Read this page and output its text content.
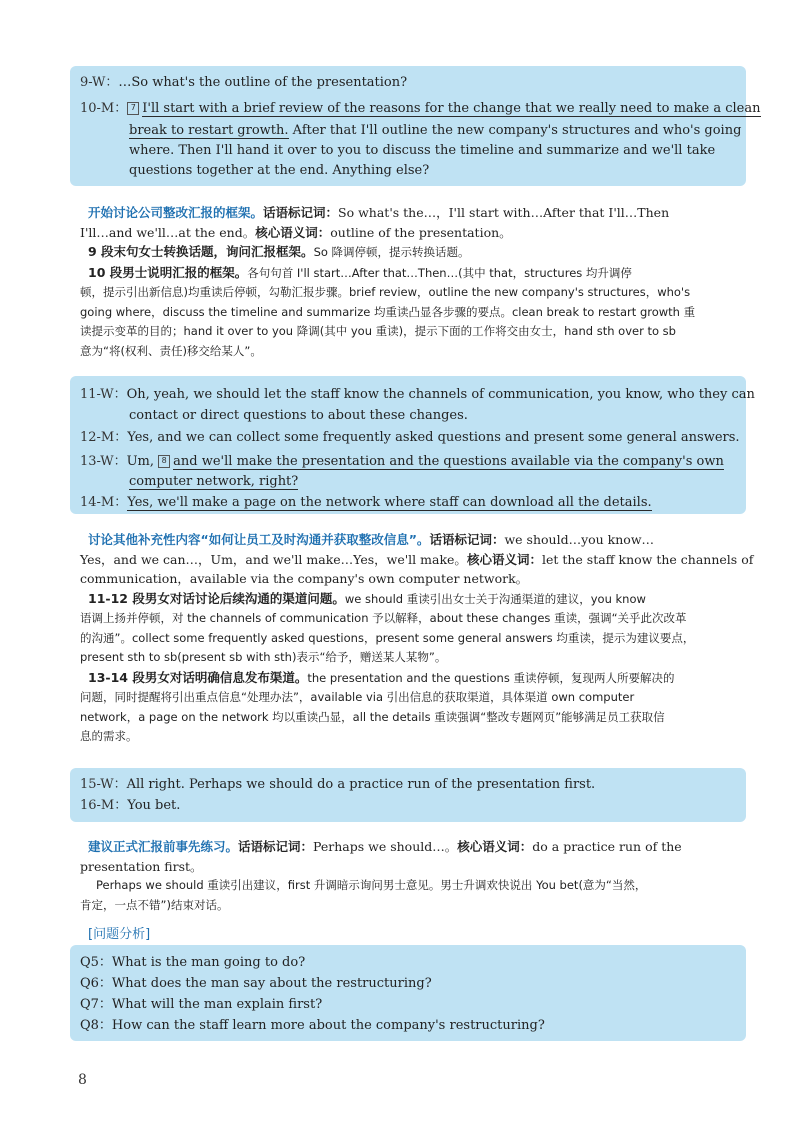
9-W：…So what's the outline of the presentation?
10-M： 7 I'll start with a brief review of the reasons for the change that we really need to make a clean
break to restart growth. After that I'll outline the new company's structures and who's going
where. Then I'll hand it over to you to discuss the timeline and summarize and we'll take
questions together at the end. Anything else?
开始讨论公司整改汇报的框架。话语标记词：So what's the…，I'll start with…After that I'll…Then
I'll…and we'll…at the end。核心语义词：outline of the presentation。
9 段末句女士转换话题，询问汇报框架。So 降调停顿，提示转换话题。
10 段男士说明汇报的框架。各句句首 I'll start…After that…Then…(其中 that，structures 均升调停
顿，提示引出新信息)均重读后停顿，勾勒汇报步骤。brief review，outline the new company's structures，who's
going where，discuss the timeline and summarize 均重读凸显各步骤的要点。clean break to restart growth 重
读提示变革的目的；hand it over to you 降调(其中 you 重读)，提示下面的工作将交由女士，hand sth over to sb
意为“将(权利、责任)移交给某人”。
11-W：Oh, yeah, we should let the staff know the channels of communication, you know, who they can
contact or direct questions to about these changes.
12-M：Yes, and we can collect some frequently asked questions and present some general answers.
13-W：Um, 8 and we'll make the presentation and the questions available via the company's own
computer network, right?
14-M：Yes, we'll make a page on the network where staff can download all the details.
讨论其他补充性内容“如何让员工及时沟通并获取整改信息”。话语标记词：we should…you know…
Yes，and we can…，Um，and we'll make…Yes，we'll make。核心语义词：let the staff know the channels of
communication，available via the company's own computer network。
11-12 段男女对话讨论后续沟通的渠道问题。we should 重读引出女士关于沟通渠道的建议，you know
语调上扬并停顿，对 the channels of communication 予以解释，about these changes 重读，强调“关乎此次改革
的沟通”。collect some frequently asked questions，present some general answers 均重读，提示为建议要点，
present sth to sb(present sb with sth)表示“给予，赠送某人某物”。
13-14 段男女对话明确信息发布渠道。the presentation and the questions 重读停顿，复现两人所要解决的
问题，同时提醒将引出重点信息“处理办法”，available via 引出信息的获取渠道，具体渠道 own computer
network，a page on the network 均以重读凸显，all the details 重读强调“整改专题网页”能够满足员工获取信
息的需求。
15-W：All right. Perhaps we should do a practice run of the presentation first.
16-M：You bet.
建议正式汇报前事先练习。话语标记词：Perhaps we should…。核心语义词：do a practice run of the
presentation first。
Perhaps we should 重读引出建议，first 升调暗示询问男士意见。男士升调欢快说出 You bet(意为“当然，
肯定，一点不错”)结束对话。
[问题分析]
Q5：What is the man going to do?
Q6：What does the man say about the restructuring?
Q7：What will the man explain first?
Q8：How can the staff learn more about the company's restructuring?
8
